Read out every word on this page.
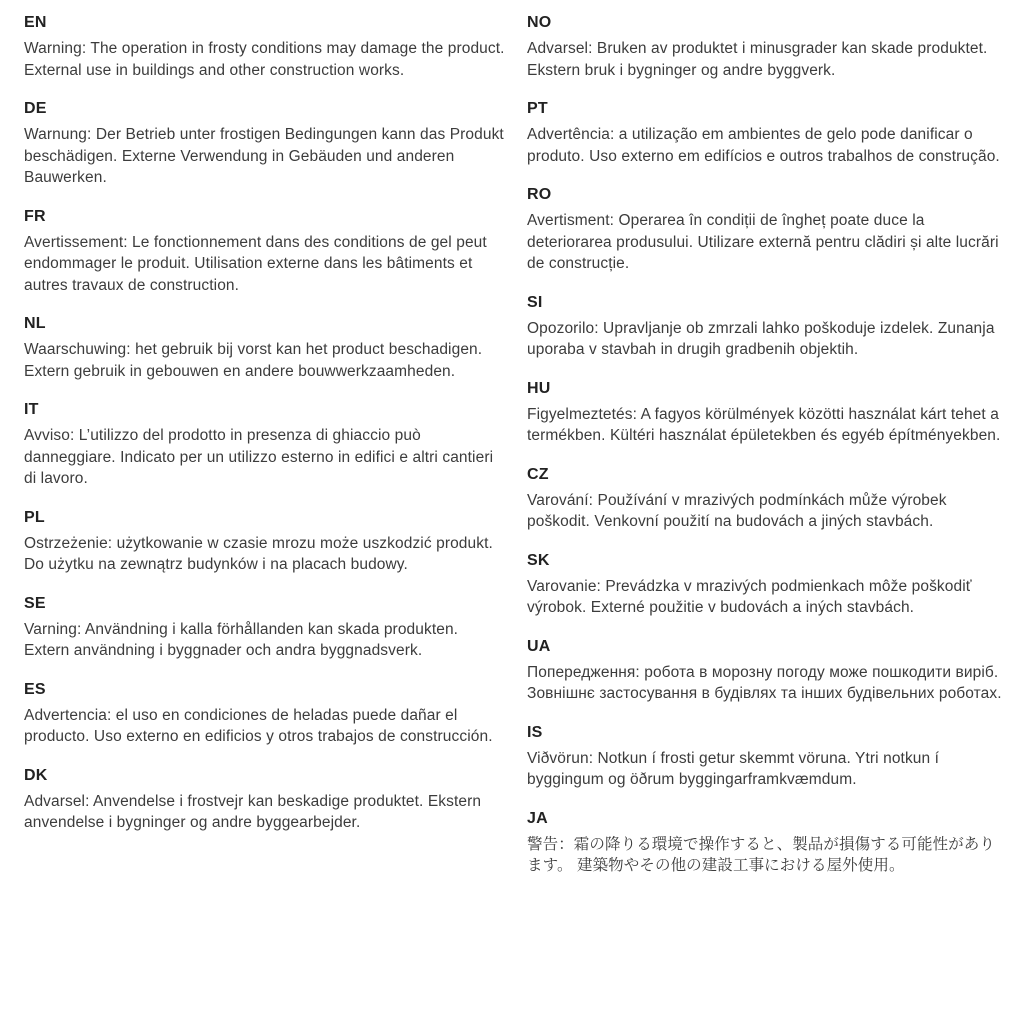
EN

Warning: The operation in frosty conditions may damage the product. External use in buildings and other construction works.

DE

Warnung: Der Betrieb unter frostigen Bedingungen kann das Produkt beschädigen. Externe Verwendung in Gebäuden und anderen Bauwerken.

FR

Avertissement: Le fonctionnement dans des conditions de gel peut endommager le produit. Utilisation externe dans les bâtiments et autres travaux de construction.

NL

Waarschuwing: het gebruik bij vorst kan het product beschadigen. Extern gebruik in gebouwen en andere bouwwerkzaamheden.

IT

Avviso: L’utilizzo del prodotto in presenza di ghiaccio può danneggiare. Indicato per un utilizzo esterno in edifici e altri cantieri di lavoro.

PL

Ostrzeżenie: użytkowanie w czasie mrozu może uszkodzić produkt. Do użytku na zewnątrz budynków i na placach budowy.

SE

Varning: Användning i kalla förhållanden kan skada produkten. Extern användning i byggnader och andra byggnadsverk.

ES

Advertencia: el uso en condiciones de heladas puede dañar el producto. Uso externo en edificios y otros trabajos de construcción.

DK

Advarsel: Anvendelse i frostvejr kan beskadige produktet. Ekstern anvendelse i bygninger og andre byggearbejder.

NO

Advarsel: Bruken av produktet i minusgrader kan skade produktet. Ekstern bruk i bygninger og andre byggverk.

PT

Advertência: a utilização em ambientes de gelo pode danificar o produto. Uso externo em edifícios e outros trabalhos de construção.

RO

Avertisment: Operarea în condiții de îngheț poate duce la deteriorarea produsului. Utilizare externă pentru clădiri și alte lucrări de construcție.

SI

Opozorilo: Upravljanje ob zmrzali lahko poškoduje izdelek. Zunanja uporaba v stavbah in drugih gradbenih objektih.

HU

Figyelmeztetés: A fagyos körülmények közötti használat kárt tehet a termékben. Kültéri használat épületekben és egyéb építményekben.

CZ

Varování: Používání v mrazivých podmínkách může výrobek poškodit. Venkovní použití na budovách a jiných stavbách.

SK

Varovanie: Prevádzka v mrazivých podmienkach môže poškodiť výrobok. Externé použitie v budovách a iných stavbách.

UA

Попередження: робота в морозну погоду може пошкодити виріб. Зовнішнє застосування в будівлях та інших будівельних роботах.

IS

Viðvörun: Notkun í frosti getur skemmt vöruna. Ytri notkun í byggingum og öðrum byggingarframkvæmdum.

JA

警告：霜の降りる環境で操作すると、製品が損傷する可能性があります。 建築物やその他の建設工事における屋外使用。
